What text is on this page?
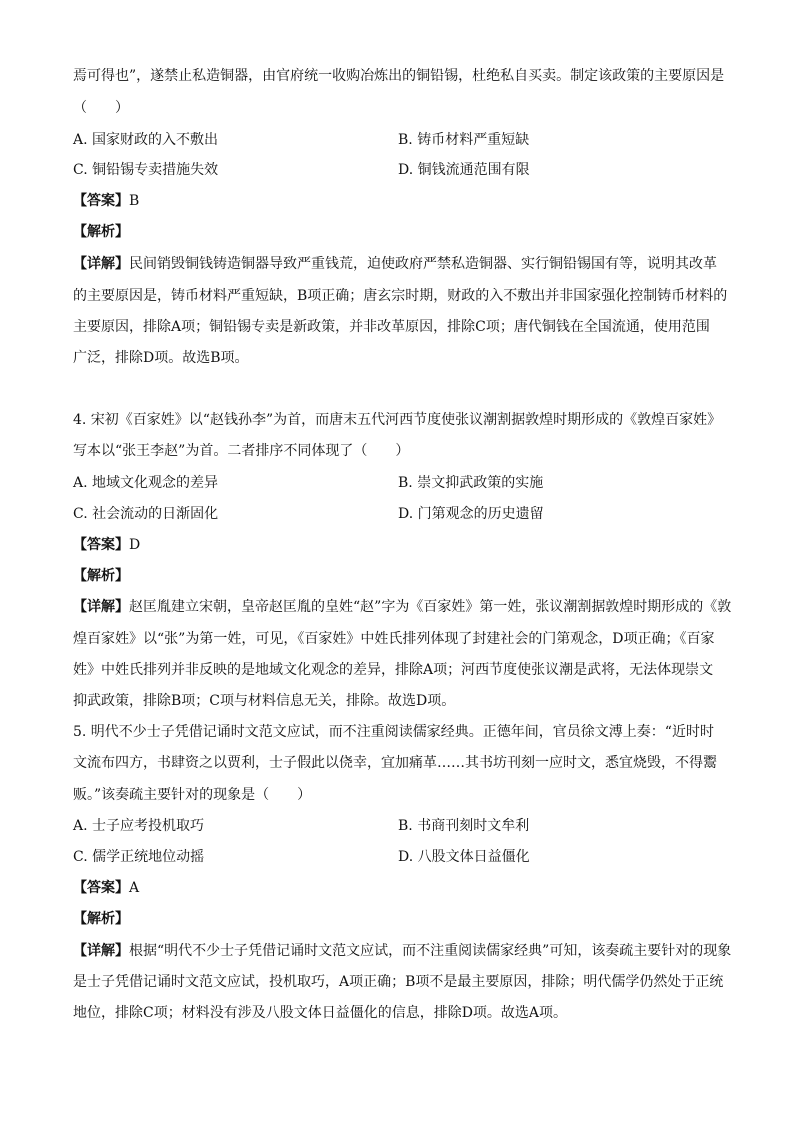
焉可得也”，遂禁止私造铜器，由官府统一收购冶炼出的铜铅锡，杜绝私自买卖。制定该政策的主要原因是
（　　）
A. 国家财政的入不敷出	B. 铸币材料严重短缺
C. 铜铅锡专卖措施失效	D. 铜钱流通范围有限
【答案】B
【解析】
【详解】民间销毁铜钱铸造铜器导致严重钱荒，迫使政府严禁私造铜器、实行铜铅锡国有等，说明其改革
的主要原因是，铸币材料严重短缺，B项正确；唐玄宗时期，财政的入不敷出并非国家强化控制铸币材料的
主要原因，排除A项；铜铅锡专卖是新政策，并非改革原因，排除C项；唐代铜钱在全国流通，使用范围
广泛，排除D项。故选B项。
4. 宋初《百家姓》以“赵钱孙李”为首，而唐末五代河西节度使张议潮割据敦煌时期形成的《敦煌百家姓》
写本以“张王李赵”为首。二者排序不同体现了（　　）
A. 地域文化观念的差异	B. 崇文抑武政策的实施
C. 社会流动的日渐固化	D. 门第观念的历史遗留
【答案】D
【解析】
【详解】赵匡胤建立宋朝，皇帝赵匡胤的皇姓“赵”字为《百家姓》第一姓，张议潮割据敦煌时期形成的《敦
煌百家姓》以“张”为第一姓，可见，《百家姓》中姓氏排列体现了封建社会的门第观念，D项正确；《百家
姓》中姓氏排列并非反映的是地域文化观念的差异，排除A项；河西节度使张议潮是武将，无法体现崇文
抑武政策，排除B项；C项与材料信息无关，排除。故选D项。
5. 明代不少士子凭借记诵时文范文应试，而不注重阅读儒家经典。正德年间，官员徐文溥上奏：“近时时
文流布四方，书肆资之以贾利，士子假此以侥幸，宜加痛革……其书坊刊刻一应时文，悉宜烧毁，不得鬻
贩。”该奏疏主要针对的现象是（　　）
A. 士子应考投机取巧	B. 书商刊刻时文牟利
C. 儒学正统地位动摇	D. 八股文体日益僵化
【答案】A
【解析】
【详解】根据“明代不少士子凭借记诵时文范文应试，而不注重阅读儒家经典”可知，该奏疏主要针对的现象
是士子凭借记诵时文范文应试，投机取巧，A项正确；B项不是最主要原因，排除；明代儒学仍然处于正统
地位，排除C项；材料没有涉及八股文体日益僵化的信息，排除D项。故选A项。
